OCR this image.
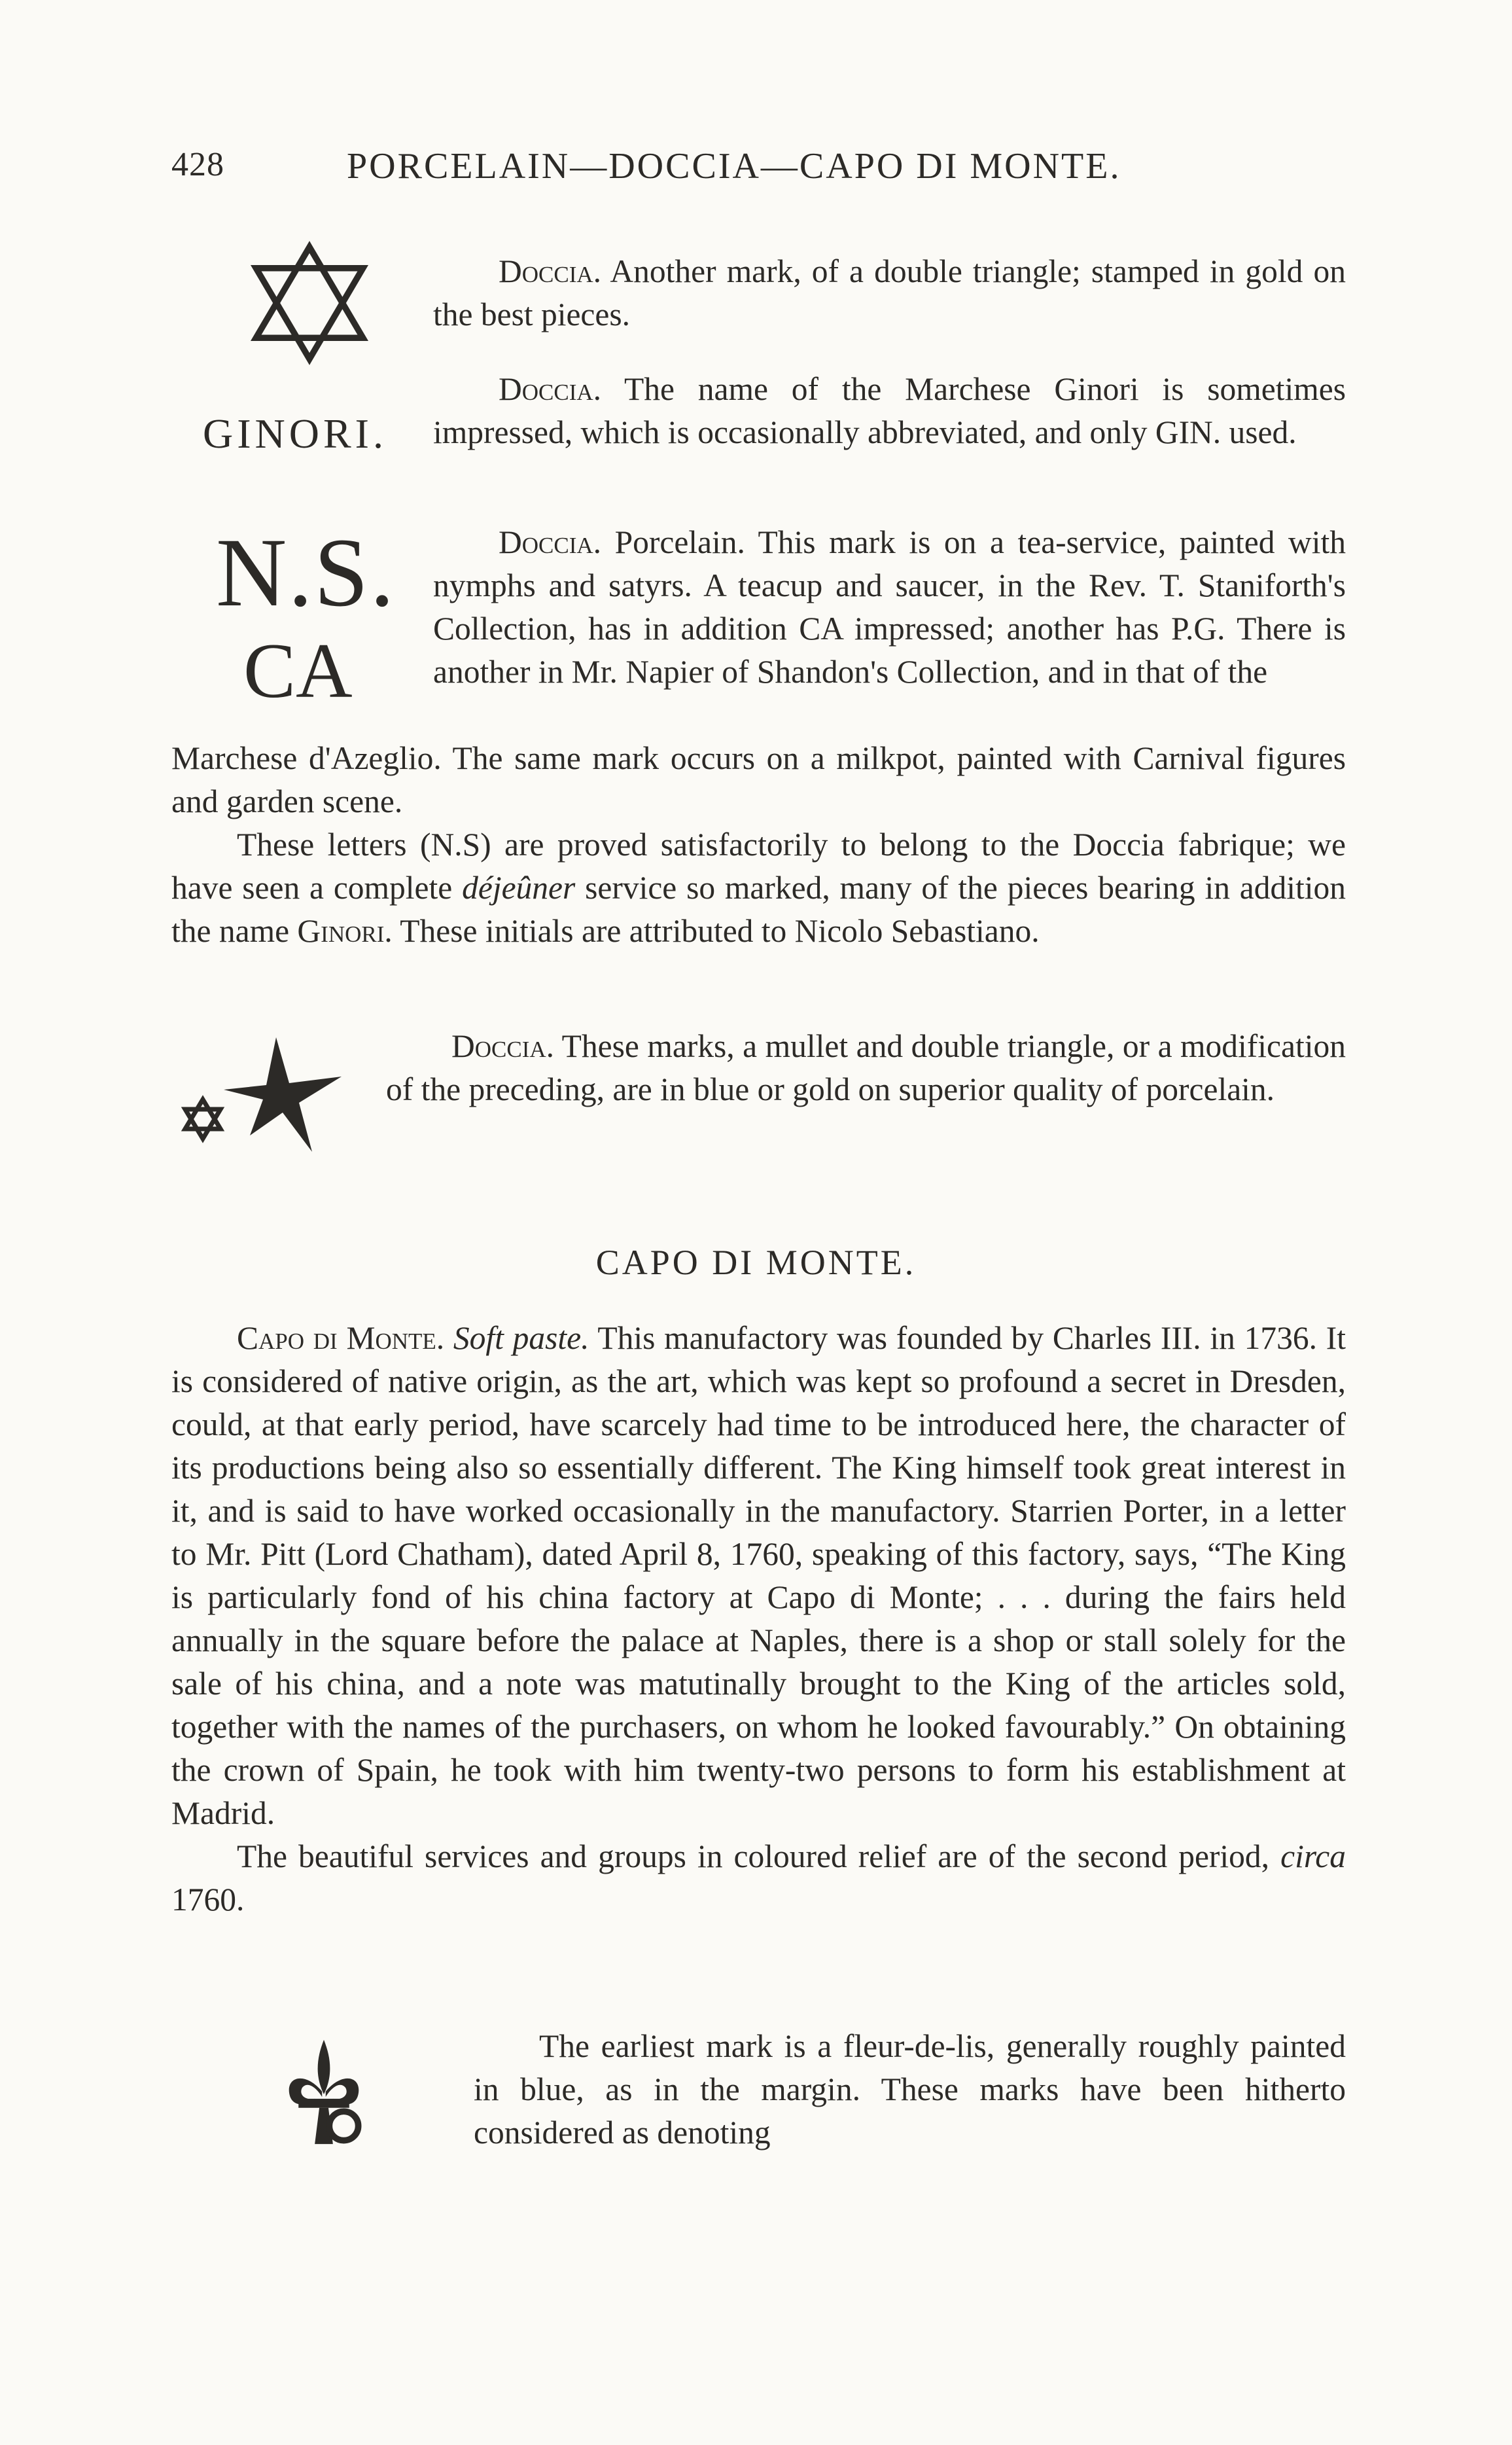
428	PORCELAIN—DOCCIA—CAPO DI MONTE.

Doccia. Another mark, of a double triangle; stamped in gold on the best pieces.

GINORI.

Doccia. The name of the Marchese Ginori is sometimes impressed, which is occasionally abbreviated, and only GIN. used.

N.S.
CA

Doccia. Porcelain. This mark is on a tea-service, painted with nymphs and satyrs. A teacup and saucer, in the Rev. T. Staniforth's Collection, has in addition CA impressed; another has P.G. There is another in Mr. Napier of Shandon's Collection, and in that of the

Marchese d'Azeglio. The same mark occurs on a milkpot, painted with Carnival figures and garden scene.

These letters (N.S) are proved satisfactorily to belong to the Doccia fabrique; we have seen a complete déjeûner service so marked, many of the pieces bearing in addition the name Ginori. These initials are attributed to Nicolo Sebastiano.

Doccia. These marks, a mullet and double triangle, or a modification of the preceding, are in blue or gold on superior quality of porcelain.

CAPO DI MONTE.

Capo di Monte. Soft paste. This manufactory was founded by Charles III. in 1736. It is considered of native origin, as the art, which was kept so profound a secret in Dresden, could, at that early period, have scarcely had time to be introduced here, the character of its productions being also so essentially different. The King himself took great interest in it, and is said to have worked occasionally in the manufactory. Starrien Porter, in a letter to Mr. Pitt (Lord Chatham), dated April 8, 1760, speaking of this factory, says, “The King is particularly fond of his china factory at Capo di Monte; . . . during the fairs held annually in the square before the palace at Naples, there is a shop or stall solely for the sale of his china, and a note was matutinally brought to the King of the articles sold, together with the names of the purchasers, on whom he looked favourably.” On obtaining the crown of Spain, he took with him twenty-two persons to form his establishment at Madrid.

The beautiful services and groups in coloured relief are of the second period, circa 1760.

The earliest mark is a fleur-de-lis, generally roughly painted in blue, as in the margin. These marks have been hitherto considered as denoting
